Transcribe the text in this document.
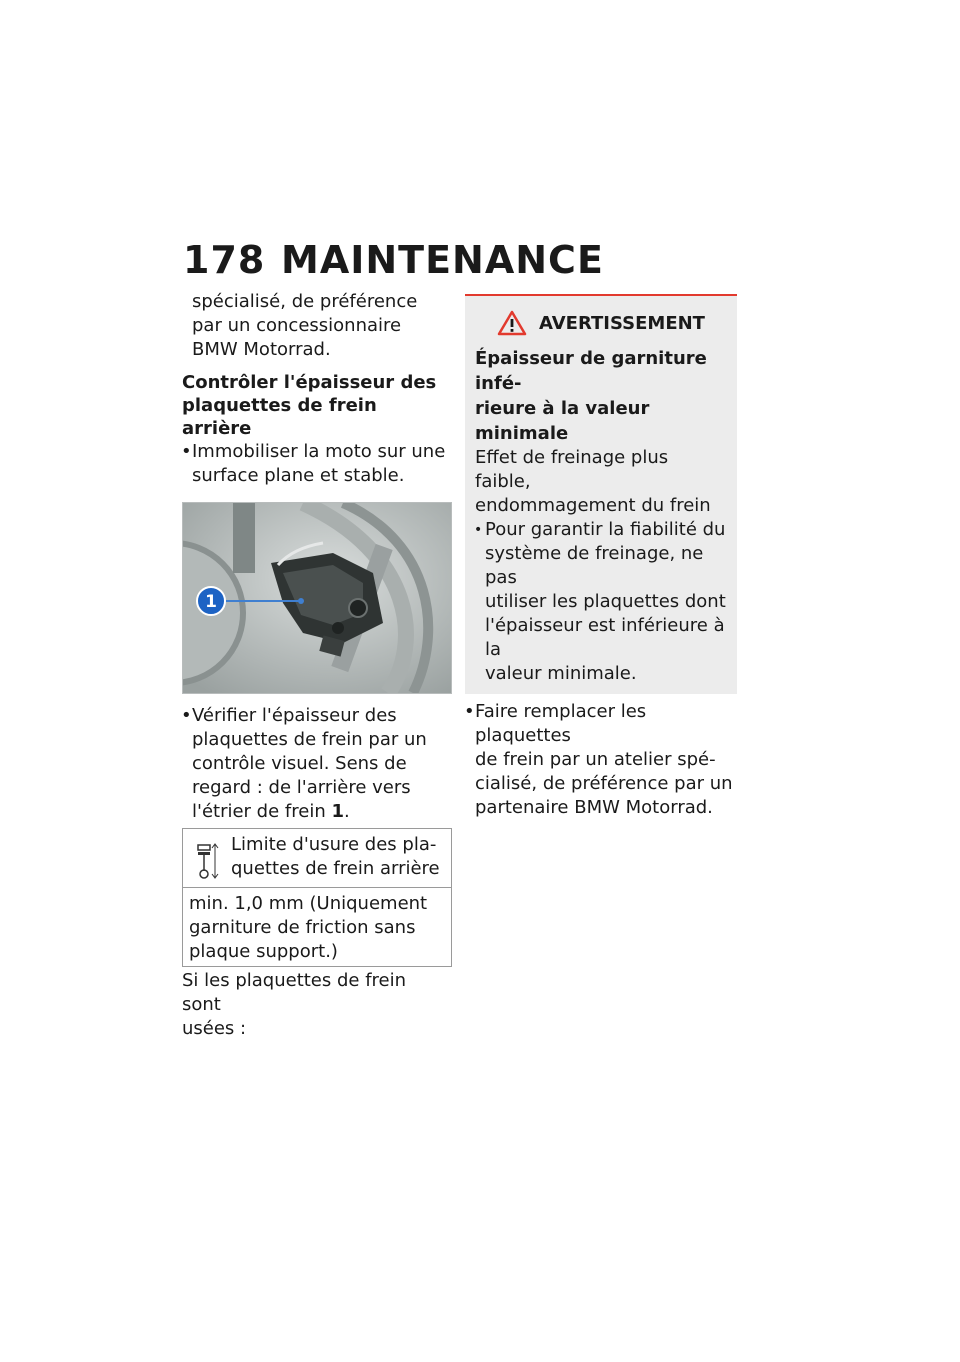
178 MAINTENANCE

spécialisé, de préférence

par un concessionnaire

BMW Motorrad.

Contrôler l'épaisseur des
plaquettes de frein arrière
• Immobiliser la moto sur une
surface plane et stable.
1
• Vérifier l'épaisseur des
plaquettes de frein par un
contrôle visuel. Sens de
regard : de l'arrière vers
l'étrier de frein 1.
Limite d'usure des pla-
quettes de frein arrière
min. 1,0 mm (Uniquement
garniture de friction sans
plaque support.)

Si les plaquettes de frein sont

usées :

AVERTISSEMENT

Épaisseur de garniture infé-

rieure à la valeur minimale

Effet de freinage plus faible,

endommagement du frein

• Pour garantir la fiabilité du
système de freinage, ne pas
utiliser les plaquettes dont
l'épaisseur est inférieure à la
valeur minimale.
• Faire remplacer les plaquettes
de frein par un atelier spé-
cialisé, de préférence par un
partenaire BMW Motorrad.
